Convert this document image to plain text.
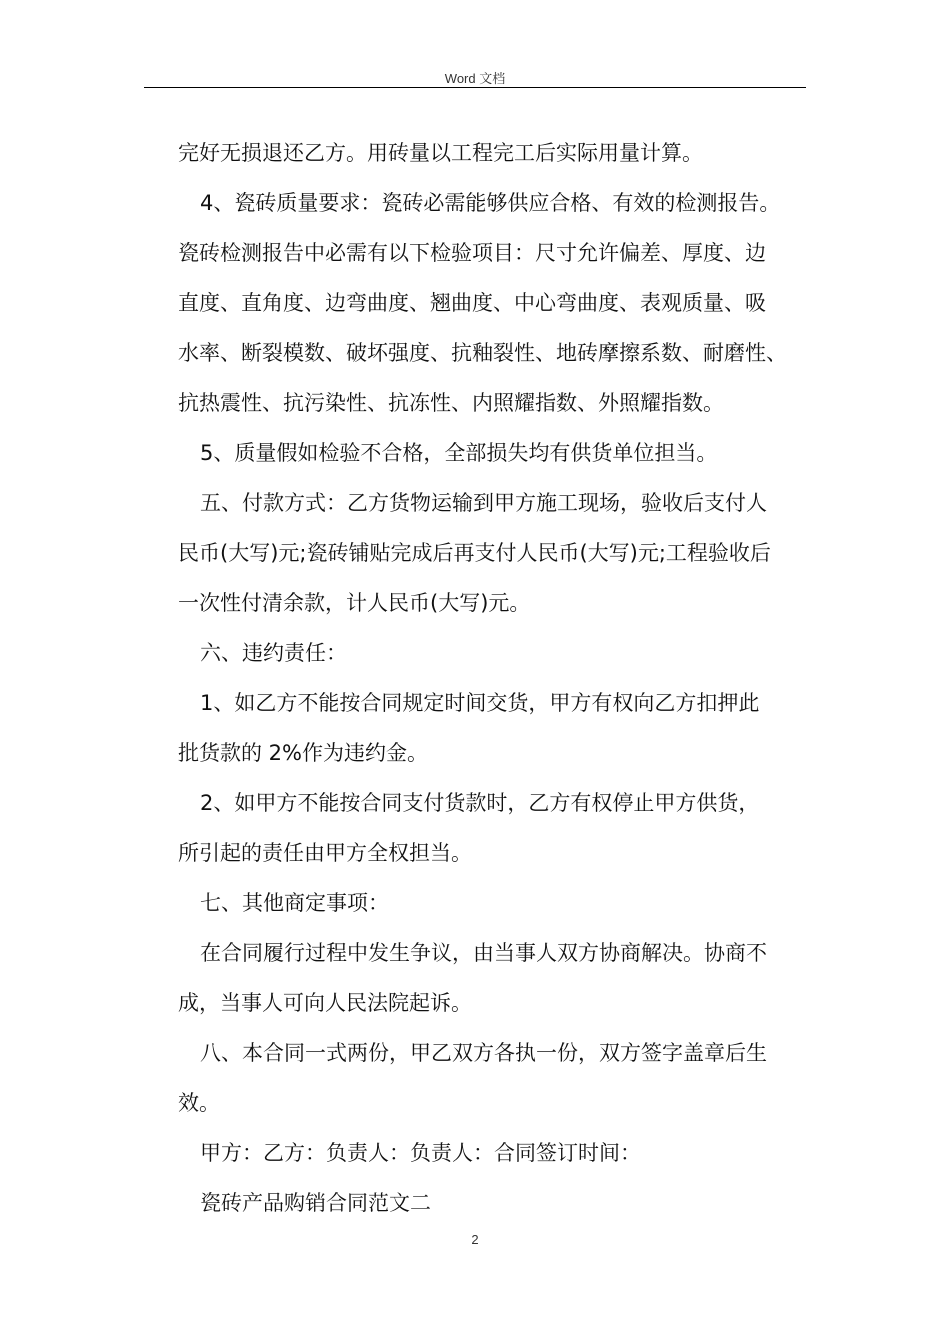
Word 文档
完好无损退还乙方。用砖量以工程完工后实际用量计算。
4、瓷砖质量要求：瓷砖必需能够供应合格、有效的检测报告。
瓷砖检测报告中必需有以下检验项目：尺寸允许偏差、厚度、边
直度、直角度、边弯曲度、翘曲度、中心弯曲度、表观质量、吸
水率、断裂模数、破坏强度、抗釉裂性、地砖摩擦系数、耐磨性、
抗热震性、抗污染性、抗冻性、内照耀指数、外照耀指数。
5、质量假如检验不合格，全部损失均有供货单位担当。
五、付款方式：乙方货物运输到甲方施工现场，验收后支付人
民币(大写)元;瓷砖铺贴完成后再支付人民币(大写)元;工程验收后
一次性付清余款，计人民币(大写)元。
六、违约责任：
1、如乙方不能按合同规定时间交货，甲方有权向乙方扣押此
批货款的 2%作为违约金。
2、如甲方不能按合同支付货款时，乙方有权停止甲方供货，
所引起的责任由甲方全权担当。
七、其他商定事项：
在合同履行过程中发生争议，由当事人双方协商解决。协商不
成，当事人可向人民法院起诉。
八、本合同一式两份，甲乙双方各执一份，双方签字盖章后生
效。
甲方：乙方：负责人：负责人：合同签订时间：
瓷砖产品购销合同范文二
2
